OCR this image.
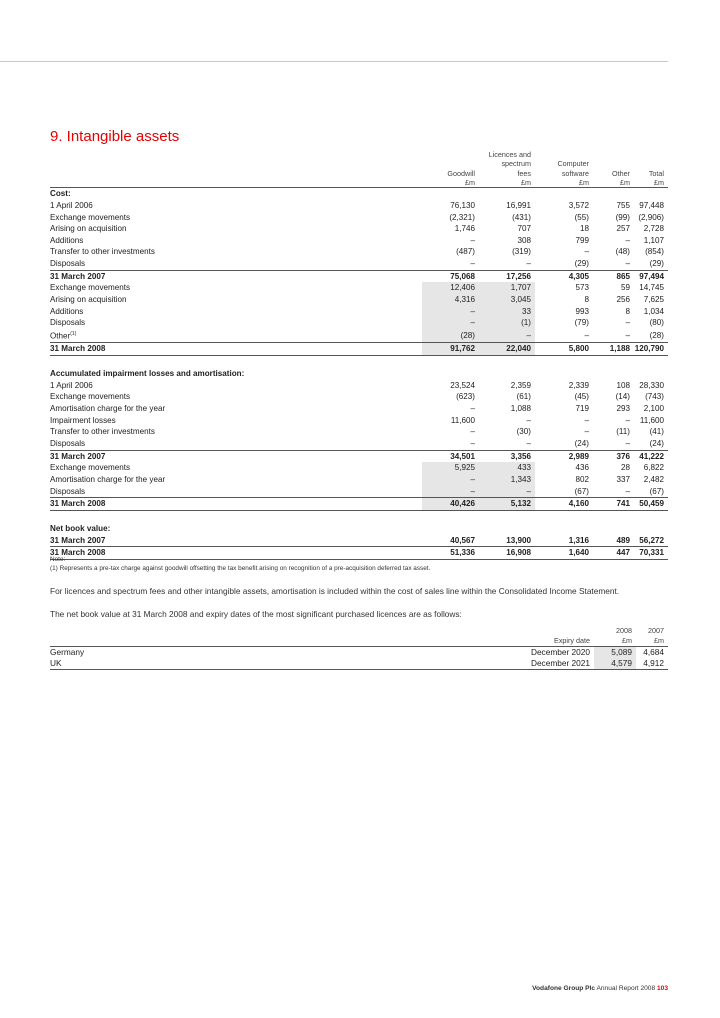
9. Intangible assets
		Licences and			
		spectrum	Computer		
	Goodwill	fees	software	Other	Total
	£m	£m	£m	£m	£m
Cost:					
1 April 2006	76,130	16,991	3,572	755	97,448

Exchange movements	(2,321)	(431)	(55)	(99)	(2,906)

Arising on acquisition	1,746	707	18	257	2,728

Additions	–	308	799	–	1,107

Transfer to other investments	(487)	(319)	–	(48)	(854)

Disposals	–	–	(29)	–	(29)

31 March 2007	75,068	17,256	4,305	865	97,494

Exchange movements	12,406	1,707	573	59	14,745

Arising on acquisition	4,316	3,045	8	256	7,625

Additions	–	33	993	8	1,034

Disposals	–	(1)	(79)	–	(80)

Other$^{(1)}$	(28)	–	–	–	(28)

31 March 2008	91,762	22,040	5,800	1,188	120,790

Accumulated impairment losses and amortisation:					
1 April 2006	23,524	2,359	2,339	108	28,330

Exchange movements	(623)	(61)	(45)	(14)	(743)

Amortisation charge for the year	–	1,088	719	293	2,100

Impairment losses	11,600	–	–	–	11,600

Transfer to other investments	–	(30)	–	(11)	(41)

Disposals	–	–	(24)	–	(24)

31 March 2007	34,501	3,356	2,989	376	41,222

Exchange movements	5,925	433	436	28	6,822

Amortisation charge for the year	–	1,343	802	337	2,482

Disposals	–	–	(67)	–	(67)

31 March 2008	40,426	5,132	4,160	741	50,459

Net book value:					
31 March 2007	40,567	13,900	1,316	489	56,272

31 March 2008	51,336	16,908	1,640	447	70,331
Note:
(1) Represents a pre-tax charge against goodwill offsetting the tax benefit arising on recognition of a pre-acquisition deferred tax asset.

For licences and spectrum fees and other intangible assets, amortisation is included within the cost of sales line within the Consolidated Income Statement.

The net book value at 31 March 2008 and expiry dates of the most significant purchased licences are as follows:

		2008	2007

	Expiry date	£m	£m

Germany	December 2020	5,089	4,684

UK	December 2021	4,579	4,912
Vodafone Group Plc Annual Report 2008 103
